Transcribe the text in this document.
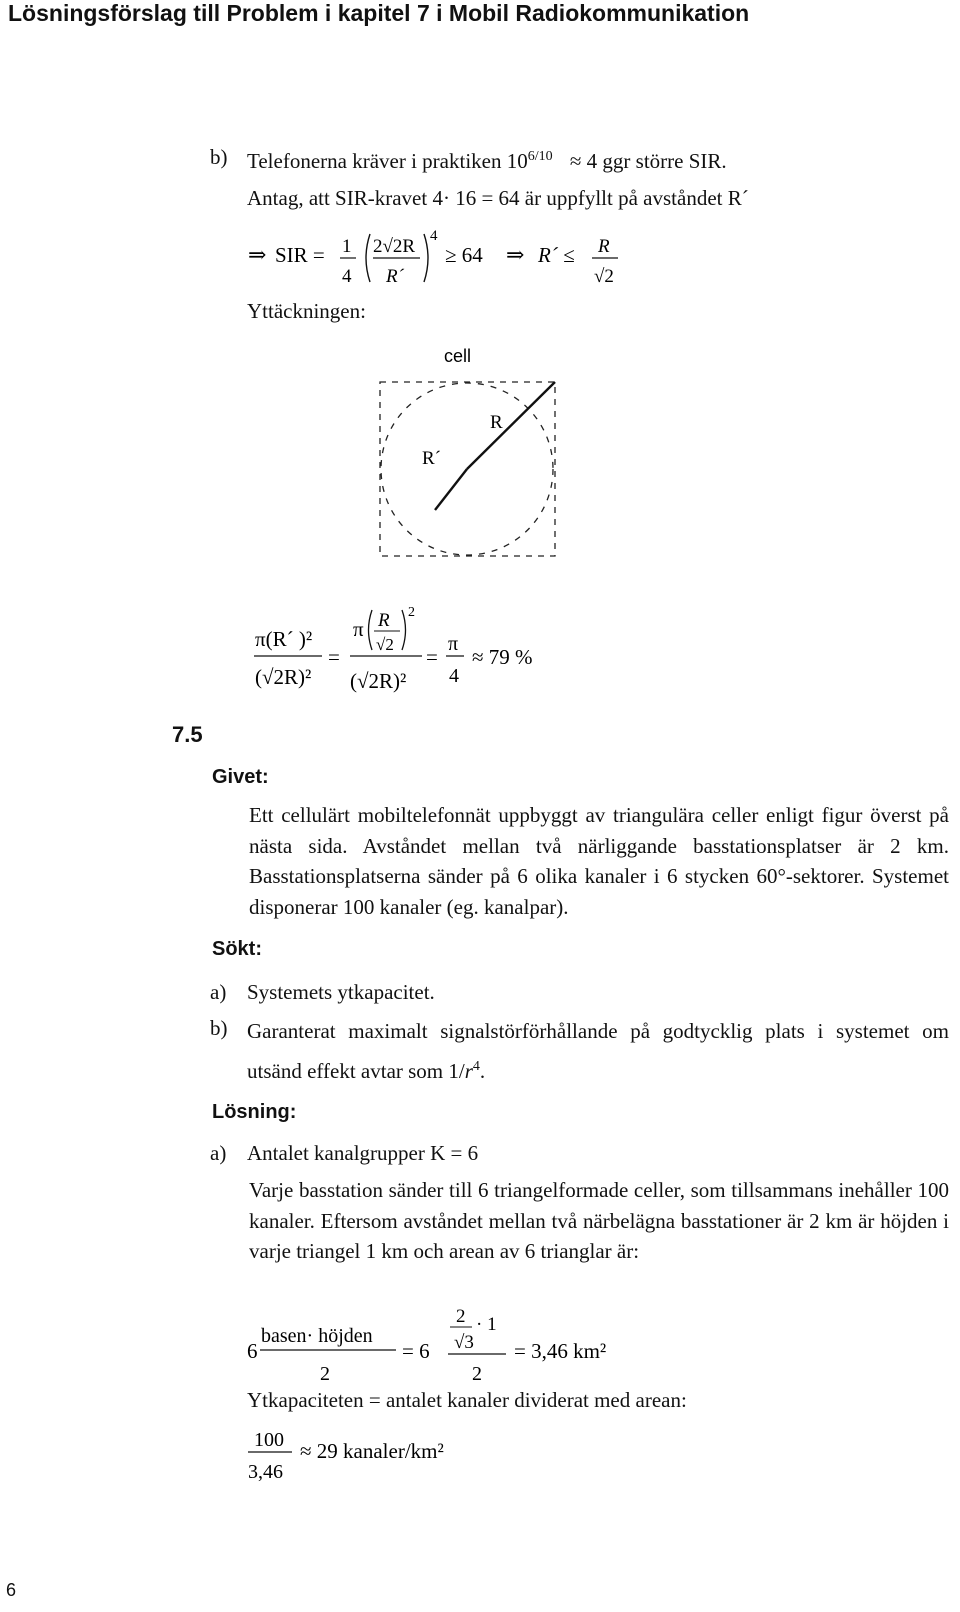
Lösningsförslag till Problem i kapitel 7 i Mobil Radiokommunikation
b) Telefonerna kräver i praktiken $10^{6/10} \approx 4$ ggr större SIR.
Antag, att SIR-kravet 4· 16 = 64 är uppfyllt på avståndet R´
⇒ SIR = 1
4
2√2R
R´
4
≥ 64 ⇒ R´ ≤ R
√2
Yttäckningen:
cell
R
R´
π(R´ )²
(√2R)²
=
π R
√2
2
(√2R)²
=
π
4
≈ 79 %
7.5
Givet:
Ett cellulärt mobiltelefonnät uppbyggt av triangulära celler enligt figur överst på nästa sida. Avståndet mellan två närliggande basstationsplatser är 2 km. Basstationsplatserna sänder på 6 olika kanaler i 6 stycken 60°-sektorer. Systemet disponerar 100 kanaler (eg. kanalpar).
Sökt:
a) Systemets ytkapacitet.
b) Garanterat maximalt signalstörförhållande på godtycklig plats i systemet om utsänd effekt avtar som $1/r^4$.
Lösning:
a) Antalet kanalgrupper K = 6
Varje basstation sänder till 6 triangelformade celler, som tillsammans inehåller 100 kanaler. Eftersom avståndet mellan två närbelägna basstationer är 2 km är höjden i varje triangel 1 km och arean av 6 trianglar är:
6
basen· höjden
2
= 6
2
√3
· 1
2
= 3,46 km²
Ytkapaciteten = antalet kanaler dividerat med arean:
100
3,46
≈ 29 kanaler/km²
6
